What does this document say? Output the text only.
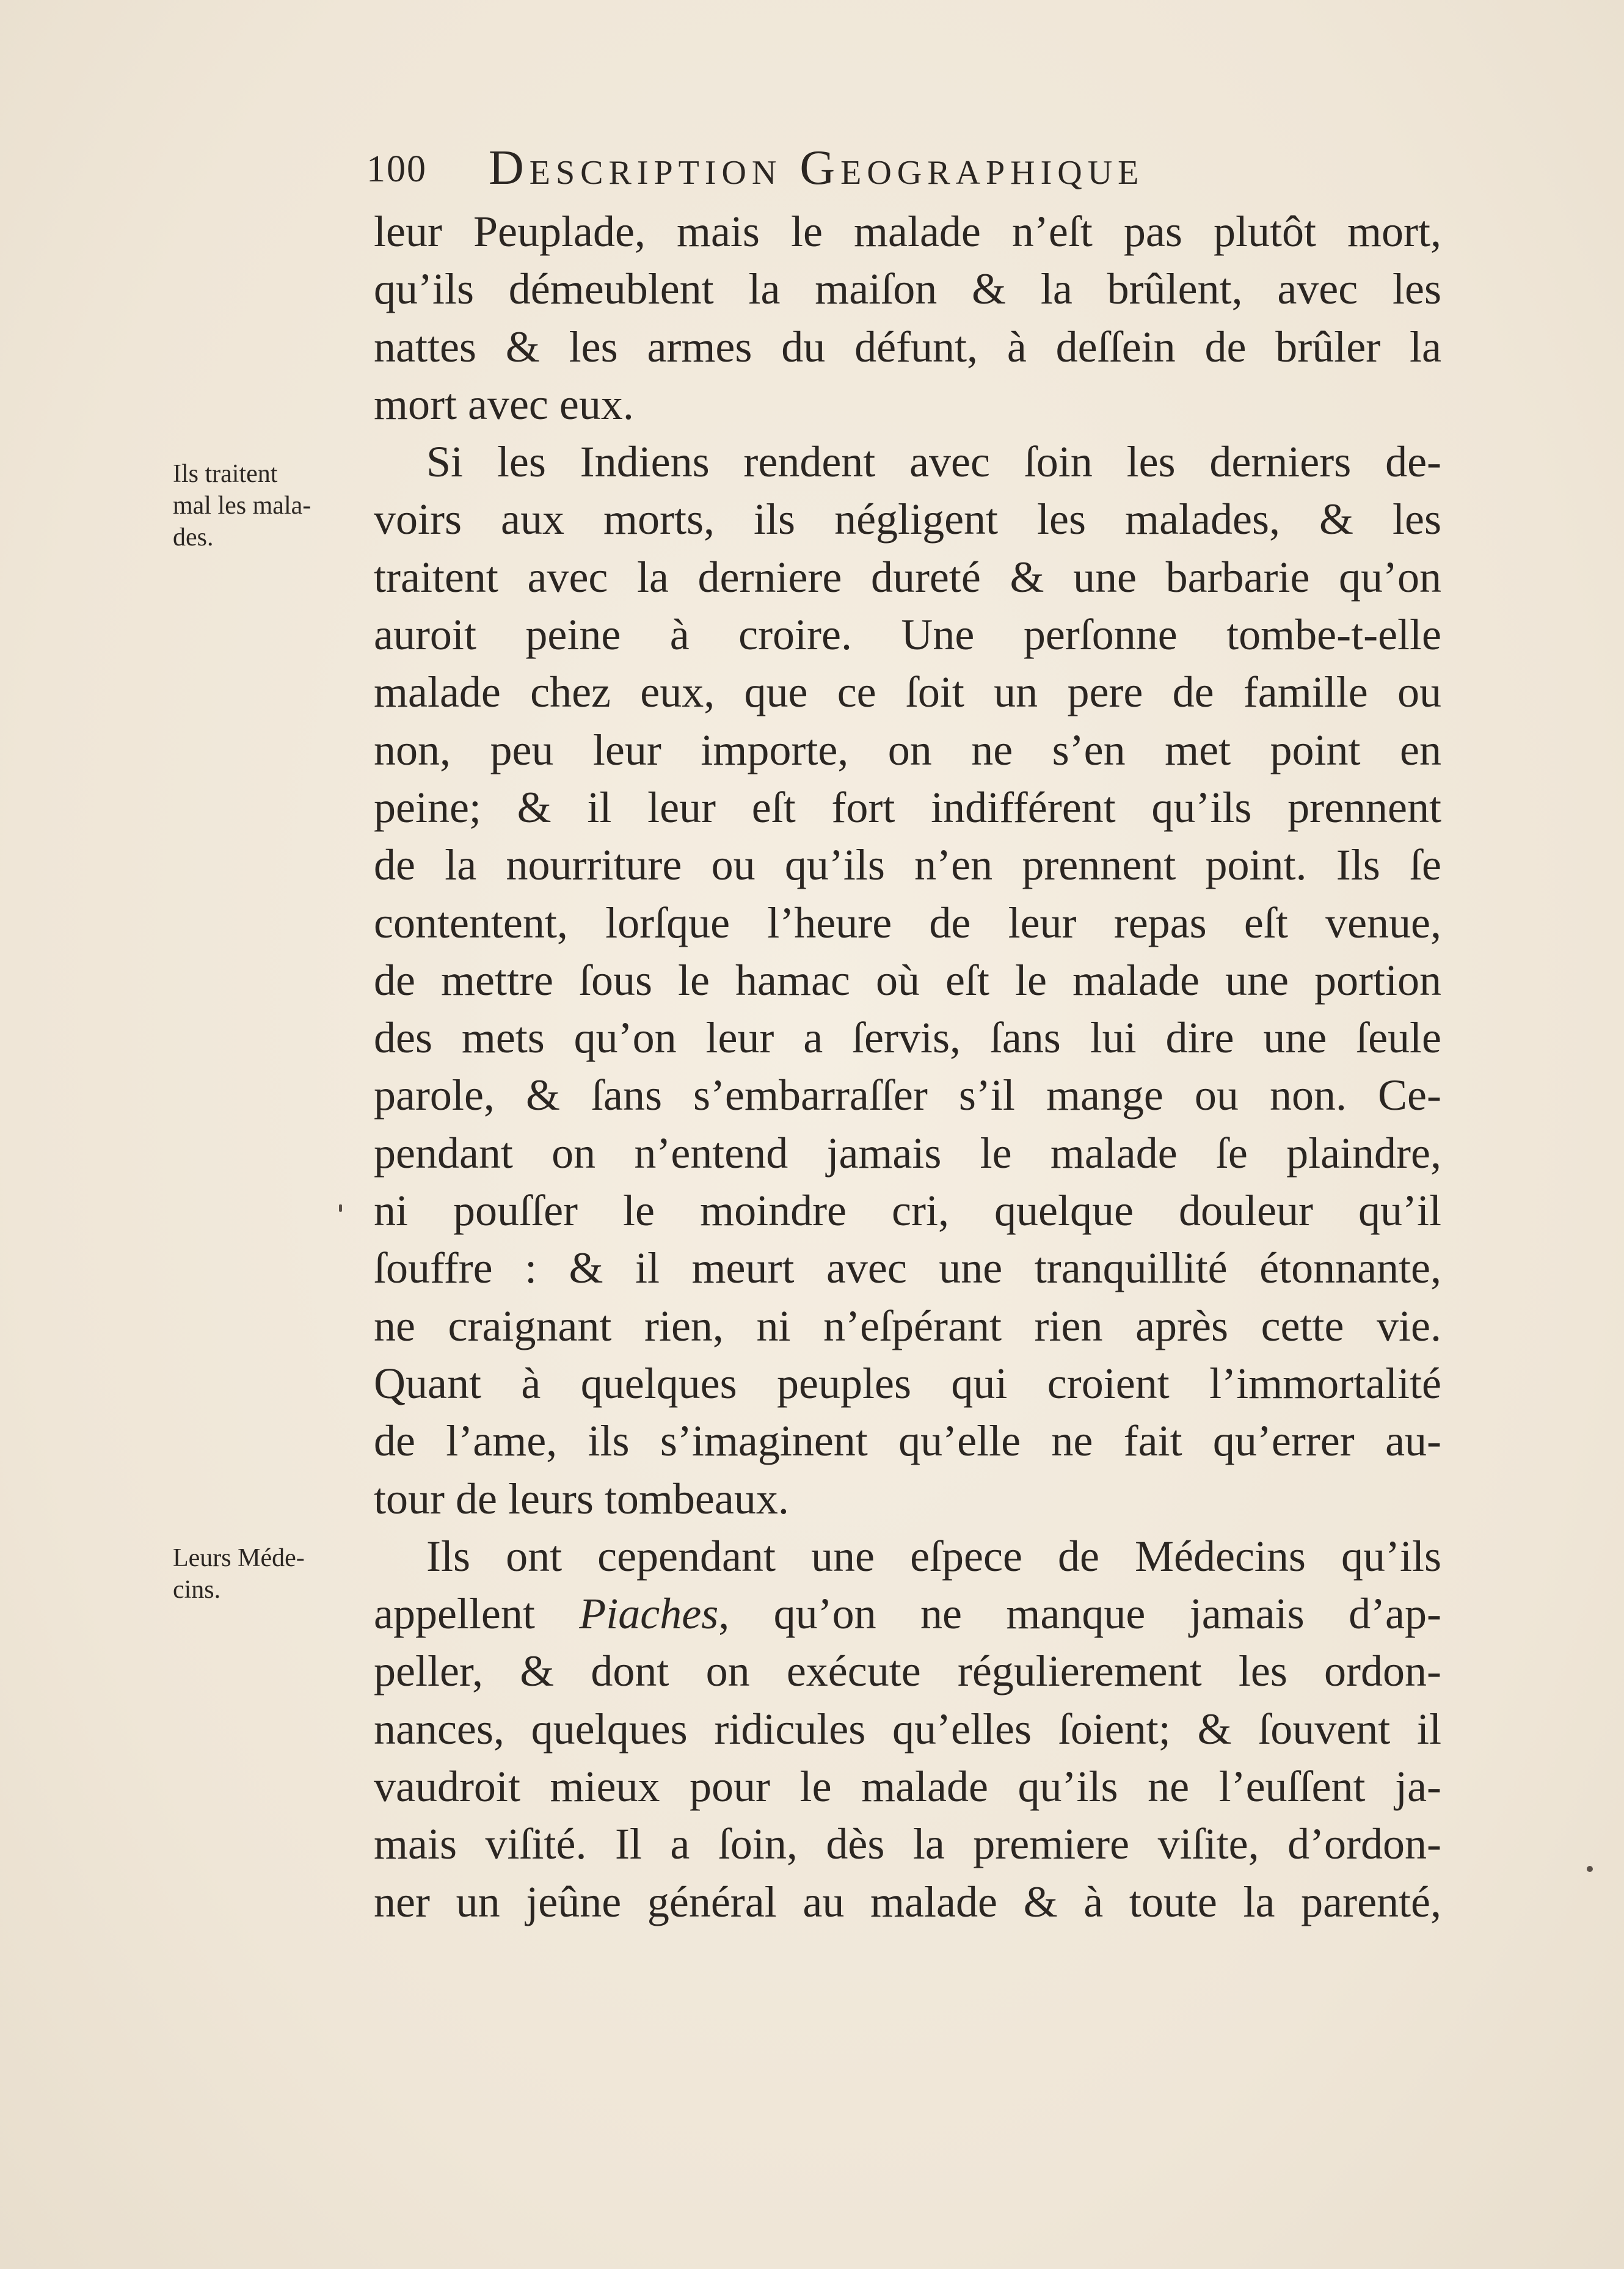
100 Description Geographique
Ils traitent
mal les mala-
des.
Leurs Méde-
cins.
leur Peuplade, mais le malade n’eſt pas plutôt mort,
qu’ils démeublent la maiſon & la brûlent, avec les
nattes & les armes du défunt, à deſſein de brûler la
mort avec eux.
Si les Indiens rendent avec ſoin les derniers de-
voirs aux morts, ils négligent les malades, & les
traitent avec la derniere dureté & une barbarie qu’on
auroit peine à croire. Une perſonne tombe-t-elle
malade chez eux, que ce ſoit un pere de famille ou
non, peu leur importe, on ne s’en met point en
peine; & il leur eſt fort indifférent qu’ils prennent
de la nourriture ou qu’ils n’en prennent point. Ils ſe
contentent, lorſque l’heure de leur repas eſt venue,
de mettre ſous le hamac où eſt le malade une portion
des mets qu’on leur a ſervis, ſans lui dire une ſeule
parole, & ſans s’embarraſſer s’il mange ou non. Ce-
pendant on n’entend jamais le malade ſe plaindre,
ni pouſſer le moindre cri, quelque douleur qu’il
ſouffre : & il meurt avec une tranquillité étonnante,
ne craignant rien, ni n’eſpérant rien après cette vie.
Quant à quelques peuples qui croient l’immortalité
de l’ame, ils s’imaginent qu’elle ne fait qu’errer au-
tour de leurs tombeaux.
Ils ont cependant une eſpece de Médecins qu’ils
appellent Piaches, qu’on ne manque jamais d’ap-
peller, & dont on exécute régulierement les ordon-
nances, quelques ridicules qu’elles ſoient; & ſouvent il
vaudroit mieux pour le malade qu’ils ne l’euſſent ja-
mais viſité. Il a ſoin, dès la premiere viſite, d’ordon-
ner un jeûne général au malade & à toute la parenté,
